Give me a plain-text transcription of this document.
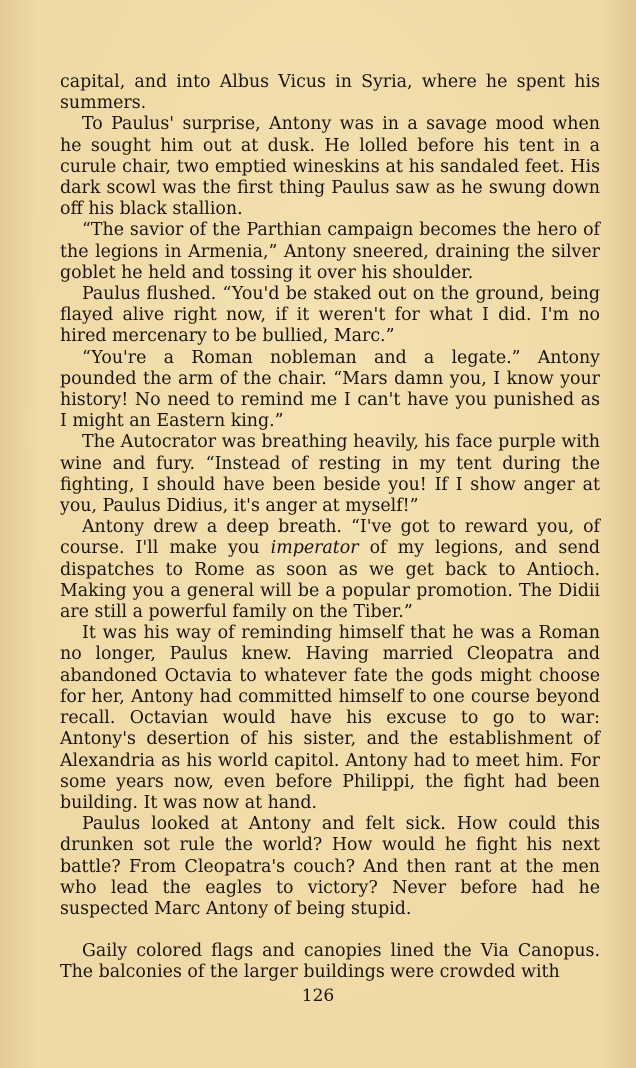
capital, and into Albus Vicus in Syria, where he spent his summers.

To Paulus' surprise, Antony was in a savage mood when he sought him out at dusk. He lolled before his tent in a curule chair, two emptied wineskins at his sandaled feet. His dark scowl was the first thing Paulus saw as he swung down off his black stallion.

“The savior of the Parthian campaign becomes the hero of the legions in Armenia,” Antony sneered, draining the silver goblet he held and tossing it over his shoulder.

Paulus flushed. “You'd be staked out on the ground, being flayed alive right now, if it weren't for what I did. I'm no hired mercenary to be bullied, Marc.”

“You're a Roman nobleman and a legate.” Antony pounded the arm of the chair. “Mars damn you, I know your history! No need to remind me I can't have you punished as I might an Eastern king.”

The Autocrator was breathing heavily, his face purple with wine and fury. “Instead of resting in my tent during the fighting, I should have been beside you! If I show anger at you, Paulus Didius, it's anger at myself!”

Antony drew a deep breath. “I've got to reward you, of course. I'll make you imperator of my legions, and send dispatches to Rome as soon as we get back to Antioch. Making you a general will be a popular promotion. The Didii are still a powerful family on the Tiber.”

It was his way of reminding himself that he was a Roman no longer, Paulus knew. Having married Cleopatra and abandoned Octavia to whatever fate the gods might choose for her, Antony had committed himself to one course beyond recall. Octavian would have his excuse to go to war: Antony's desertion of his sister, and the establishment of Alexandria as his world capitol. Antony had to meet him. For some years now, even before Philippi, the fight had been building. It was now at hand.

Paulus looked at Antony and felt sick. How could this drunken sot rule the world? How would he fight his next battle? From Cleopatra's couch? And then rant at the men who lead the eagles to victory? Never before had he suspected Marc Antony of being stupid.

Gaily colored flags and canopies lined the Via Canopus. The balconies of the larger buildings were crowded with

126
